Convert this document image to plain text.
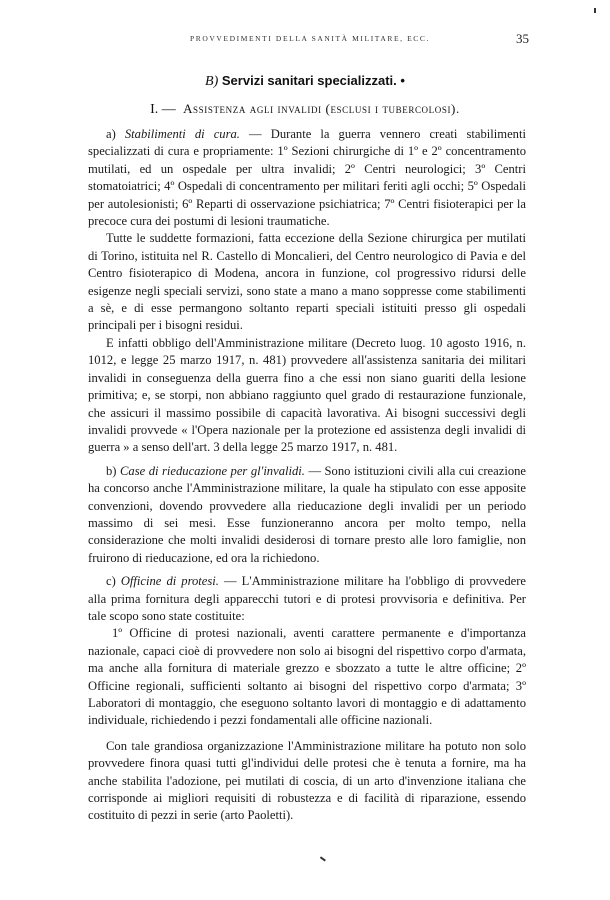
PROVVEDIMENTI DELLA SANITÀ MILITARE, ECC.	35
B) Servizi sanitari specializzati. •
I. — Assistenza agli invalidi (esclusi i tubercolosi).

a) Stabilimenti di cura. — Durante la guerra vennero creati stabilimenti specializzati di cura e propriamente: 1º Sezioni chirurgiche di 1º e 2º concentramento mutilati, ed un ospedale per ultra invalidi; 2º Centri neurologici; 3º Centri stomatoiatrici; 4º Ospedali di concentramento per militari feriti agli occhi; 5º Ospedali per autolesionisti; 6º Reparti di osservazione psichiatrica; 7º Centri fisioterapici per la precoce cura dei postumi di lesioni traumatiche.

Tutte le suddette formazioni, fatta eccezione della Sezione chirurgica per mutilati di Torino, istituita nel R. Castello di Moncalieri, del Centro neurologico di Pavia e del Centro fisioterapico di Modena, ancora in funzione, col progressivo ridursi delle esigenze negli speciali servizi, sono state a mano a mano soppresse come stabilimenti a sè, e di esse permangono soltanto reparti speciali istituiti presso gli ospedali principali per i bisogni residui.

E infatti obbligo dell'Amministrazione militare (Decreto luog. 10 agosto 1916, n. 1012, e legge 25 marzo 1917, n. 481) provvedere all'assistenza sanitaria dei militari invalidi in conseguenza della guerra fino a che essi non siano guariti della lesione primitiva; e, se storpi, non abbiano raggiunto quel grado di restaurazione funzionale, che assicuri il massimo possibile di capacità lavorativa. Ai bisogni successivi degli invalidi provvede « l'Opera nazionale per la protezione ed assistenza degli invalidi di guerra » a senso dell'art. 3 della legge 25 marzo 1917, n. 481.

b) Case di rieducazione per gl'invalidi. — Sono istituzioni civili alla cui creazione ha concorso anche l'Amministrazione militare, la quale ha stipulato con esse apposite convenzioni, dovendo provvedere alla rieducazione degli invalidi per un periodo massimo di sei mesi. Esse funzioneranno ancora per molto tempo, nella considerazione che molti invalidi desiderosi di tornare presto alle loro famiglie, non fruirono di rieducazione, ed ora la richiedono.

c) Officine di protesi. — L'Amministrazione militare ha l'obbligo di provvedere alla prima fornitura degli apparecchi tutori e di protesi provvisoria e definitiva. Per tale scopo sono state costituite:

1º Officine di protesi nazionali, aventi carattere permanente e d'importanza nazionale, capaci cioè di provvedere non solo ai bisogni del rispettivo corpo d'armata, ma anche alla fornitura di materiale grezzo e sbozzato a tutte le altre officine; 2º Officine regionali, sufficienti soltanto ai bisogni del rispettivo corpo d'armata; 3º Laboratori di montaggio, che eseguono soltanto lavori di montaggio e di adattamento individuale, richiedendo i pezzi fondamentali alle officine nazionali.

Con tale grandiosa organizzazione l'Amministrazione militare ha potuto non solo provvedere finora quasi tutti gl'individui delle protesi che è tenuta a fornire, ma ha anche stabilita l'adozione, pei mutilati di coscia, di un arto d'invenzione italiana che corrisponde ai migliori requisiti di robustezza e di facilità di riparazione, essendo costituito di pezzi in serie (arto Paoletti).
